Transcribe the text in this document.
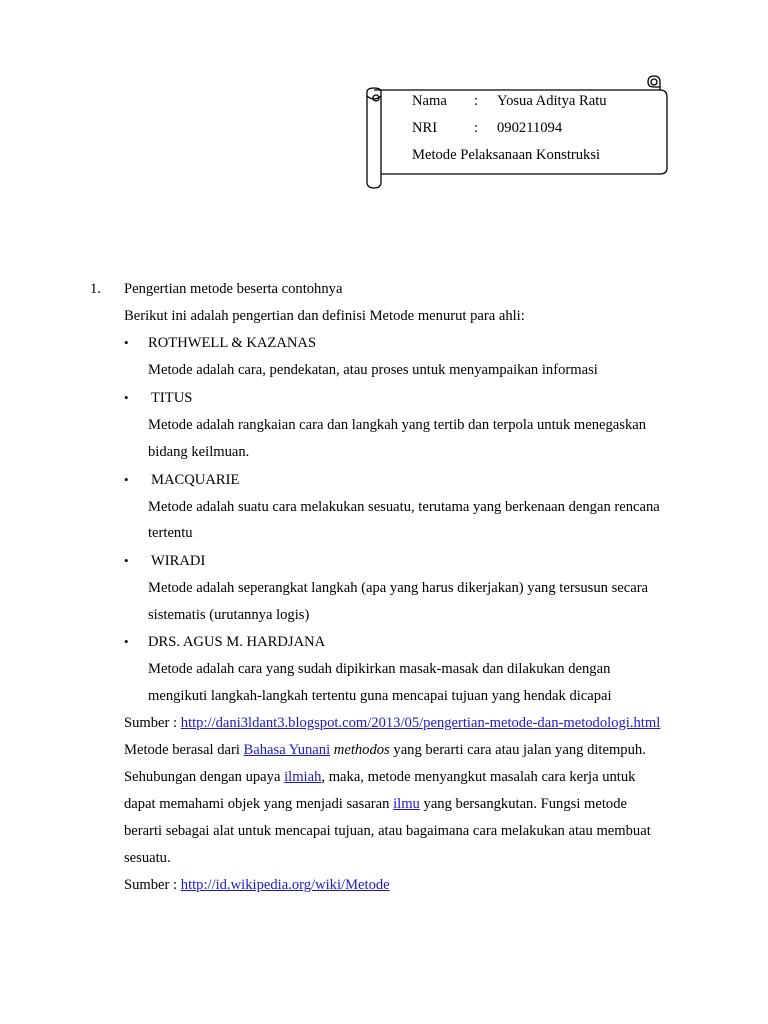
Nama : Yosua Aditya Ratu
NRI	: 090211094
Metode Pelaksanaan Konstruksi
1. Pengertian metode beserta contohnya
Berikut ini adalah pengertian dan definisi Metode menurut para ahli:
• ROTHWELL & KAZANAS
Metode adalah cara, pendekatan, atau proses untuk menyampaikan informasi
• TITUS
Metode adalah rangkaian cara dan langkah yang tertib dan terpola untuk menegaskan
bidang keilmuan.
• MACQUARIE
Metode adalah suatu cara melakukan sesuatu, terutama yang berkenaan dengan rencana
tertentu
• WIRADI
Metode adalah seperangkat langkah (apa yang harus dikerjakan) yang tersusun secara
sistematis (urutannya logis)
• DRS. AGUS M. HARDJANA
Metode adalah cara yang sudah dipikirkan masak-masak dan dilakukan dengan
mengikuti langkah-langkah tertentu guna mencapai tujuan yang hendak dicapai
Sumber : http://dani3ldant3.blogspot.com/2013/05/pengertian-metode-dan-metodologi.html
Metode berasal dari Bahasa Yunani methodos yang berarti cara atau jalan yang ditempuh.
Sehubungan dengan upaya ilmiah, maka, metode menyangkut masalah cara kerja untuk
dapat memahami objek yang menjadi sasaran ilmu yang bersangkutan. Fungsi metode
berarti sebagai alat untuk mencapai tujuan, atau bagaimana cara melakukan atau membuat
sesuatu.
Sumber : http://id.wikipedia.org/wiki/Metode
